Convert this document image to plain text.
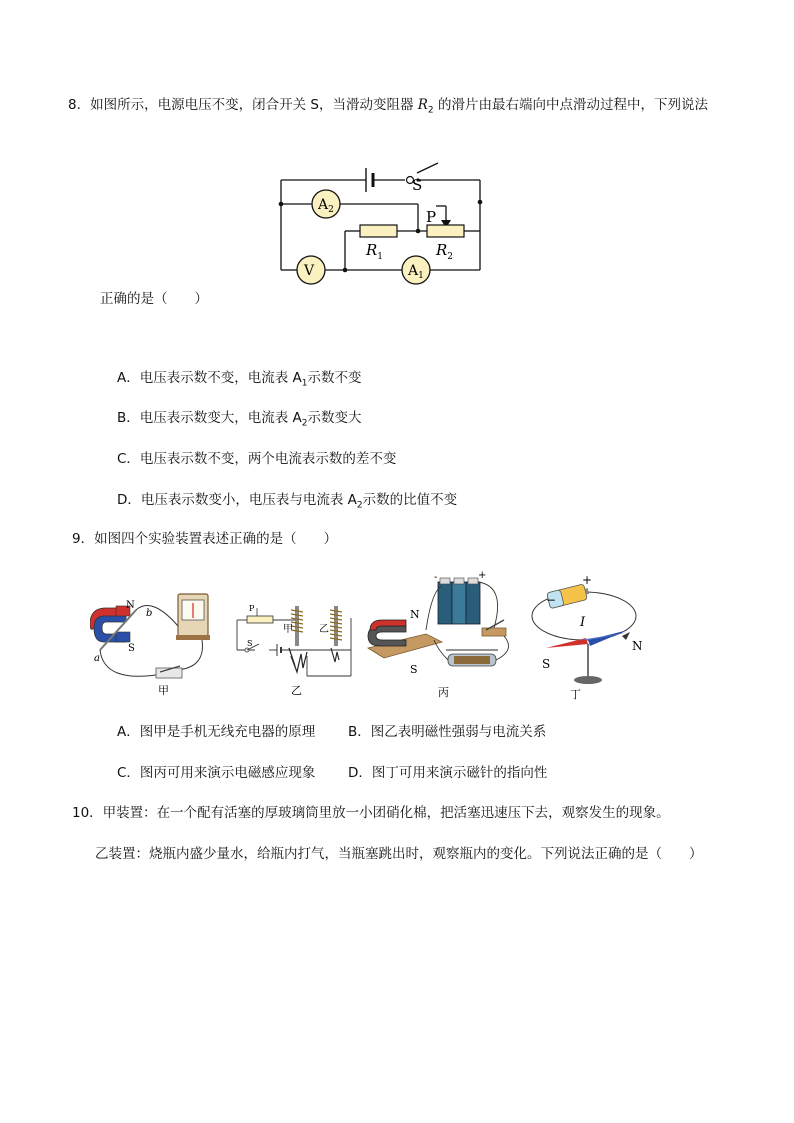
8．如图所示，电源电压不变，闭合开关 S，当滑动变阻器 $R_2$ 的滑片由最右端向中点滑动过程中，下列说法
S
P
$A_2$
V	$A_1$
$R_1$	$R_2$
正确的是（　　）
A．电压表示数不变，电流表 $A_1$示数不变
B．电压表示数变大，电流表 $A_2$示数变大
C．电压表示数不变，两个电流表示数的差不变
D．电压表示数变小，电压表与电流表 $A_2$示数的比值不变
9．如图四个实验装置表述正确的是（　　）
N
S
a
b
甲
P
S
甲	乙
乙
N
S
-	+
丙
−
+
I
N
S
丁
A．图甲是手机无线充电器的原理 B．图乙表明磁性强弱与电流关系
C．图丙可用来演示电磁感应现象 D．图丁可用来演示磁针的指向性
10．甲装置：在一个配有活塞的厚玻璃筒里放一小团硝化棉，把活塞迅速压下去，观察发生的现象。
乙装置：烧瓶内盛少量水，给瓶内打气，当瓶塞跳出时，观察瓶内的变化。下列说法正确的是（　　）
